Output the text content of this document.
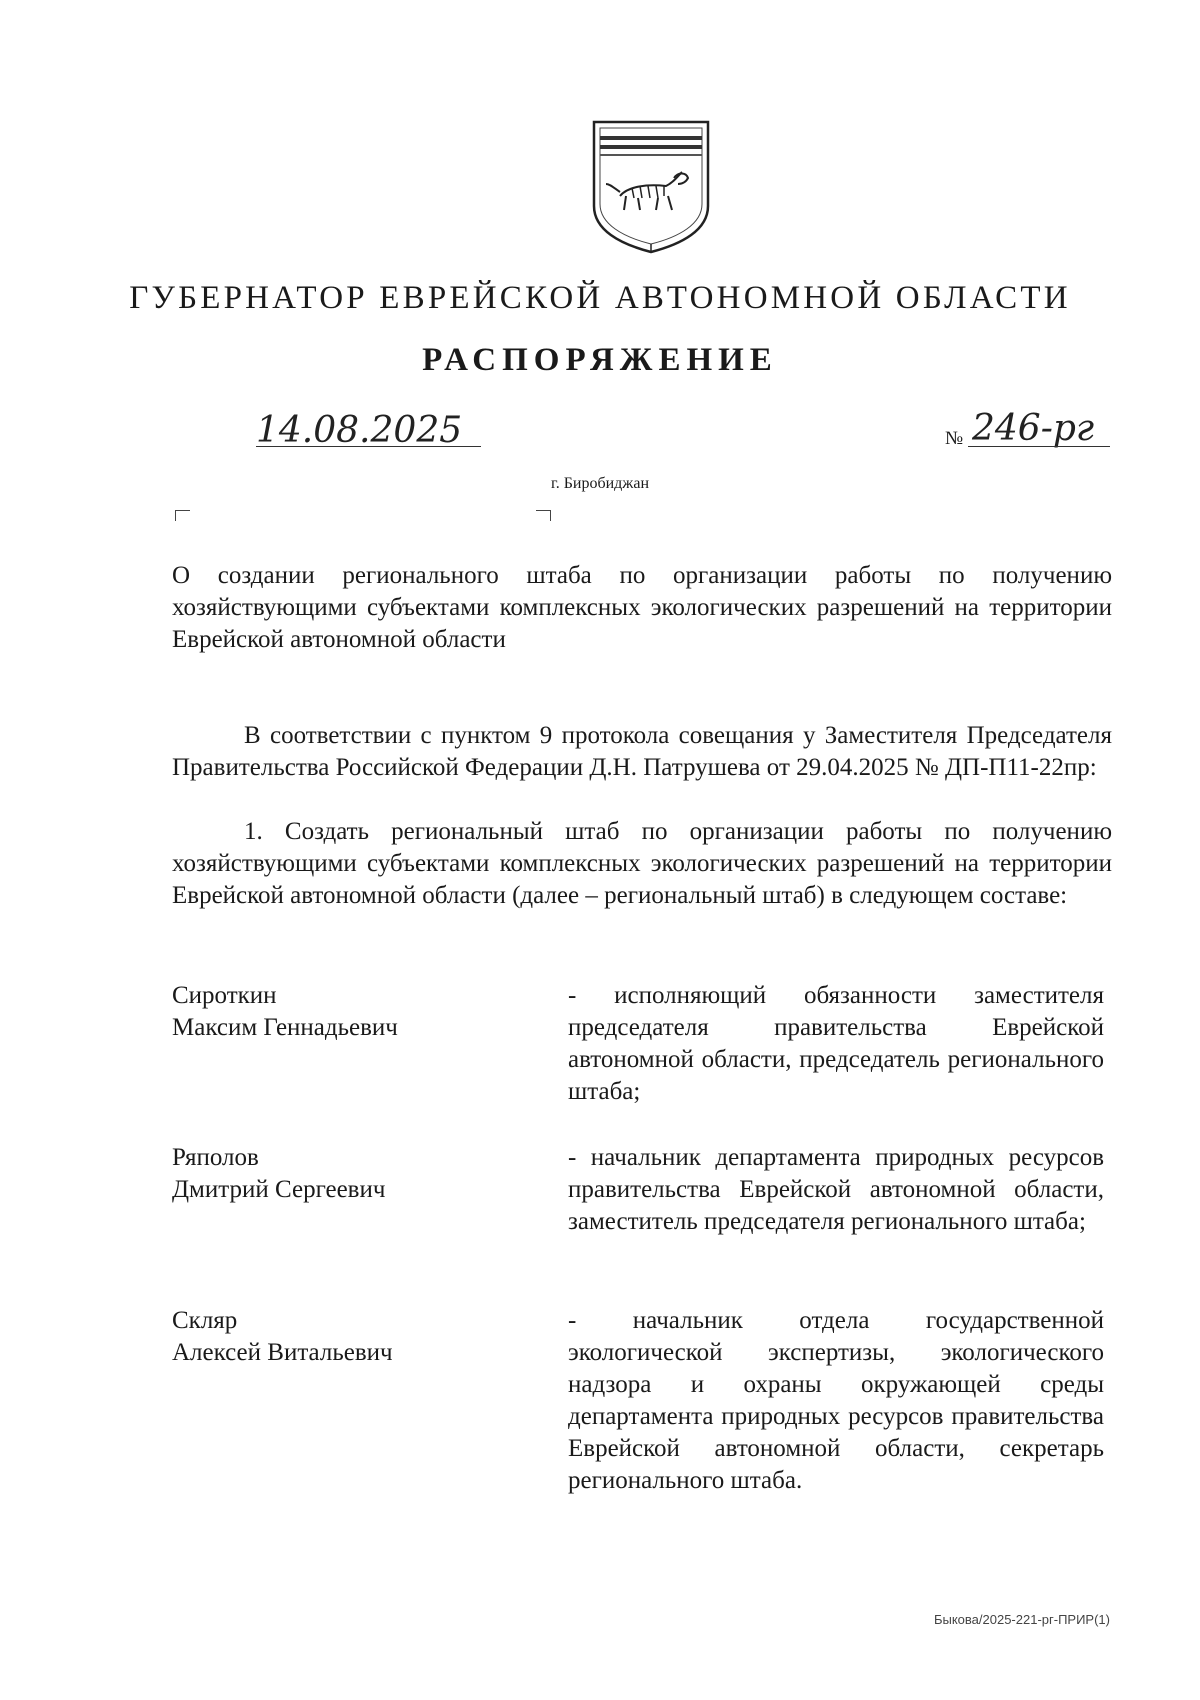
ГУБЕРНАТОР ЕВРЕЙСКОЙ АВТОНОМНОЙ ОБЛАСТИ
РАСПОРЯЖЕНИЕ
14.08.2025	№ 246-рг
г. Биробиджан
О создании регионального штаба по организации работы по получению хозяйствующими субъектами комплексных экологических разрешений на территории Еврейской автономной области
В соответствии с пунктом 9 протокола совещания у Заместителя Председателя Правительства Российской Федерации Д.Н. Патрушева от 29.04.2025 № ДП-П11-22пр:
1. Создать региональный штаб по организации работы по получению хозяйствующими субъектами комплексных экологических разрешений на территории Еврейской автономной области (далее – региональный штаб) в следующем составе:
Сироткин
Максим Геннадьевич
- исполняющий обязанности заместителя председателя правительства Еврейской автономной области, председатель регионального штаба;
Ряполов
Дмитрий Сергеевич
- начальник департамента природных ресурсов правительства Еврейской автономной области, заместитель председателя регионального штаба;
Скляр
Алексей Витальевич
- начальник отдела государственной экологической экспертизы, экологического надзора и охраны окружающей среды департамента природных ресурсов правительства Еврейской автономной области, секретарь регионального штаба.
Быкова/2025-221-рг-ПРИР(1)
